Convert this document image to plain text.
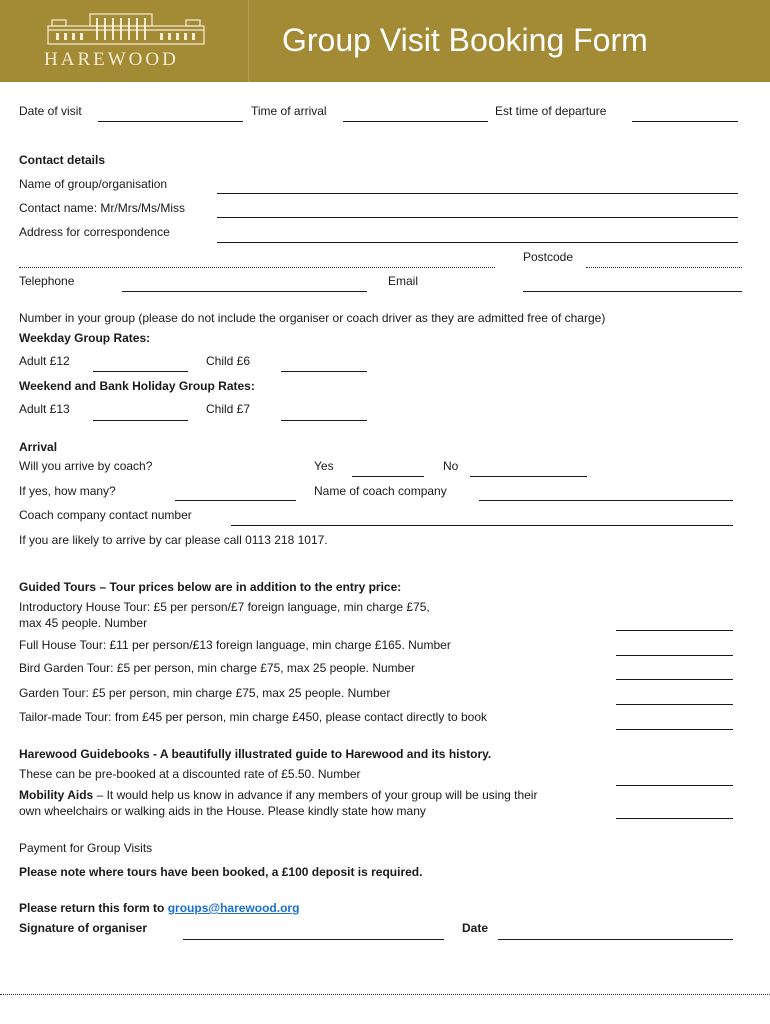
HAREWOOD
Group Visit Booking Form
Date of visit	Time of arrival	Est time of departure
Contact details
Name of group/organisation
Contact name: Mr/Mrs/Ms/Miss
Address for correspondence
Postcode
Telephone	Email
Number in your group (please do not include the organiser or coach driver as they are admitted free of charge)
Weekday Group Rates:
Adult £12	Child £6
Weekend and Bank Holiday Group Rates:
Adult £13	Child £7
Arrival
Will you arrive by coach?	Yes	No
If yes, how many?	Name of coach company
Coach company contact number
If you are likely to arrive by car please call 0113 218 1017.
Guided Tours – Tour prices below are in addition to the entry price:
Introductory House Tour: £5 per person/£7 foreign language, min charge £75,
max 45 people. Number
Full House Tour: £11 per person/£13 foreign language, min charge £165. Number
Bird Garden Tour: £5 per person, min charge £75, max 25 people. Number
Garden Tour: £5 per person, min charge £75, max 25 people. Number
Tailor-made Tour: from £45 per person, min charge £450, please contact directly to book
Harewood Guidebooks - A beautifully illustrated guide to Harewood and its history.
These can be pre-booked at a discounted rate of £5.50. Number
Mobility Aids – It would help us know in advance if any members of your group will be using their
own wheelchairs or walking aids in the House. Please kindly state how many
Payment for Group Visits
Please note where tours have been booked, a £100 deposit is required.
Please return this form to groups@harewood.org
Signature of organiser	Date
